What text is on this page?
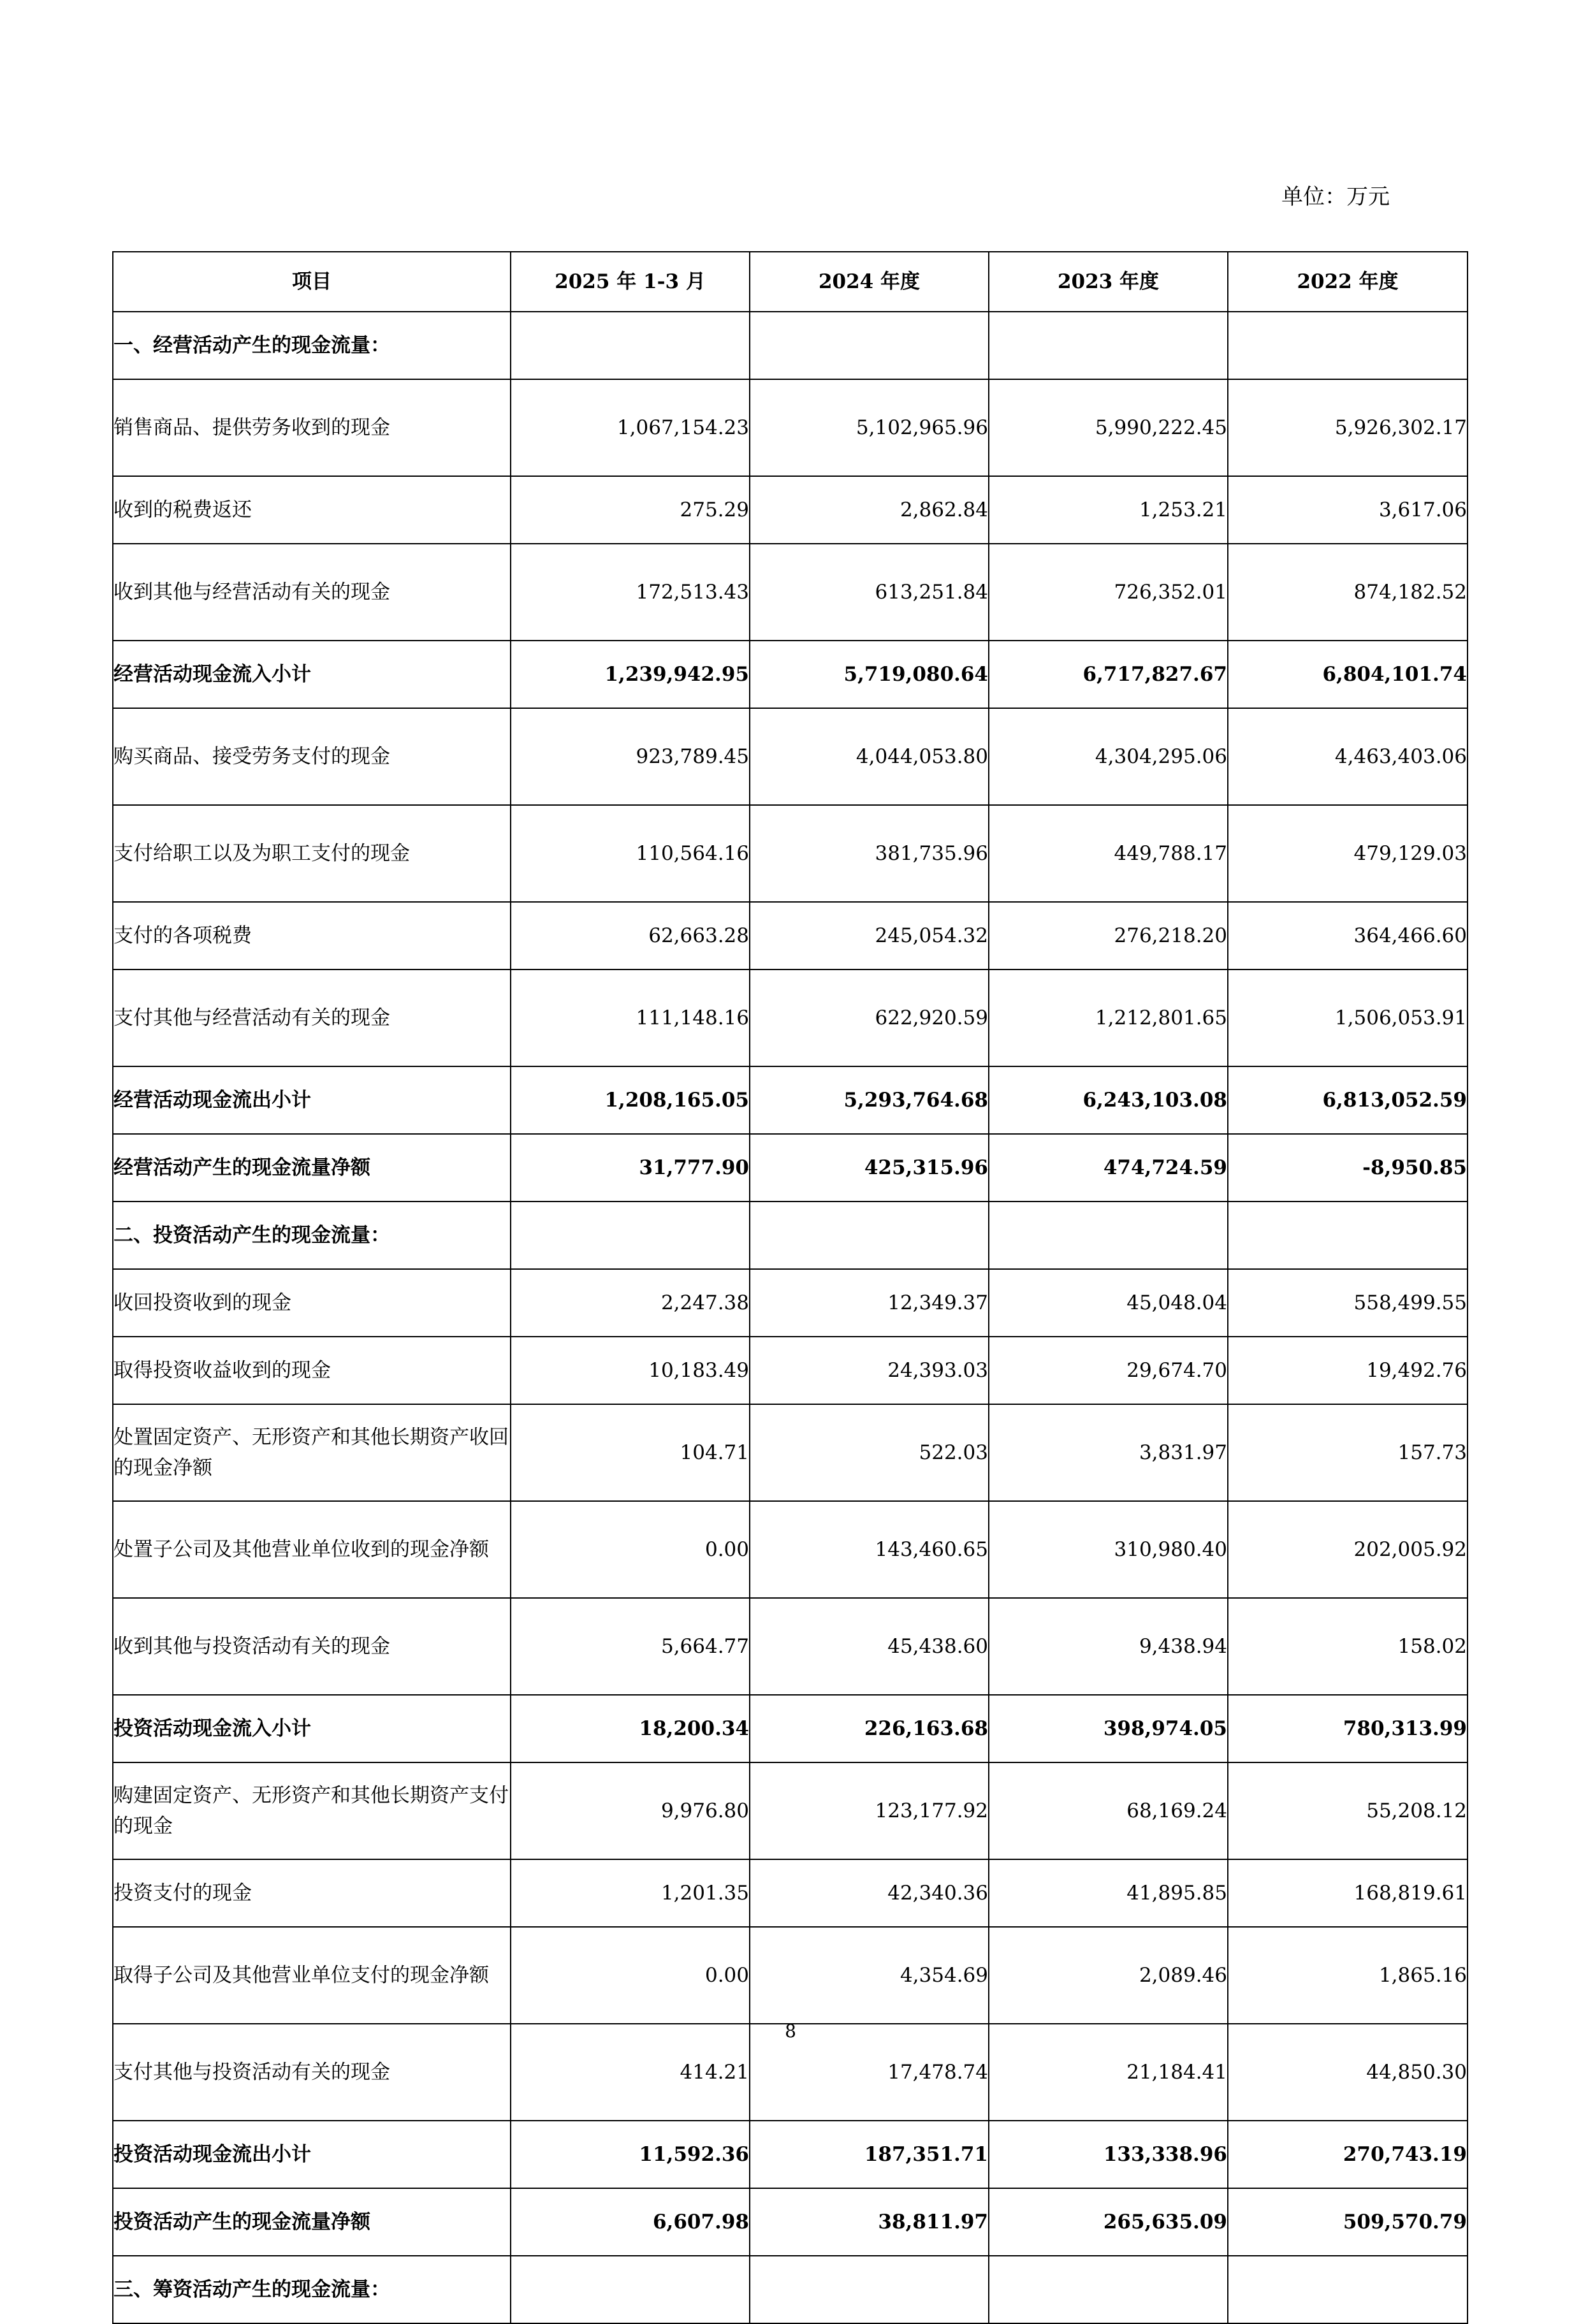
单位：万元
项目	2025 年 1-3 月	2024 年度	2023 年度	2022 年度
一、经营活动产生的现金流量：				
销售商品、提供劳务收到的现金	1,067,154.23	5,102,965.96	5,990,222.45	5,926,302.17
收到的税费返还	275.29	2,862.84	1,253.21	3,617.06
收到其他与经营活动有关的现金	172,513.43	613,251.84	726,352.01	874,182.52
经营活动现金流入小计	1,239,942.95	5,719,080.64	6,717,827.67	6,804,101.74
购买商品、接受劳务支付的现金	923,789.45	4,044,053.80	4,304,295.06	4,463,403.06
支付给职工以及为职工支付的现金	110,564.16	381,735.96	449,788.17	479,129.03
支付的各项税费	62,663.28	245,054.32	276,218.20	364,466.60
支付其他与经营活动有关的现金	111,148.16	622,920.59	1,212,801.65	1,506,053.91
经营活动现金流出小计	1,208,165.05	5,293,764.68	6,243,103.08	6,813,052.59
经营活动产生的现金流量净额	31,777.90	425,315.96	474,724.59	-8,950.85
二、投资活动产生的现金流量：				
收回投资收到的现金	2,247.38	12,349.37	45,048.04	558,499.55
取得投资收益收到的现金	10,183.49	24,393.03	29,674.70	19,492.76
处置固定资产、无形资产和其他长期资产收回的现金净额	104.71	522.03	3,831.97	157.73
处置子公司及其他营业单位收到的现金净额	0.00	143,460.65	310,980.40	202,005.92
收到其他与投资活动有关的现金	5,664.77	45,438.60	9,438.94	158.02
投资活动现金流入小计	18,200.34	226,163.68	398,974.05	780,313.99
购建固定资产、无形资产和其他长期资产支付的现金	9,976.80	123,177.92	68,169.24	55,208.12
投资支付的现金	1,201.35	42,340.36	41,895.85	168,819.61
取得子公司及其他营业单位支付的现金净额	0.00	4,354.69	2,089.46	1,865.16
支付其他与投资活动有关的现金	414.21	17,478.74	21,184.41	44,850.30
投资活动现金流出小计	11,592.36	187,351.71	133,338.96	270,743.19
投资活动产生的现金流量净额	6,607.98	38,811.97	265,635.09	509,570.79
三、筹资活动产生的现金流量：				
8
